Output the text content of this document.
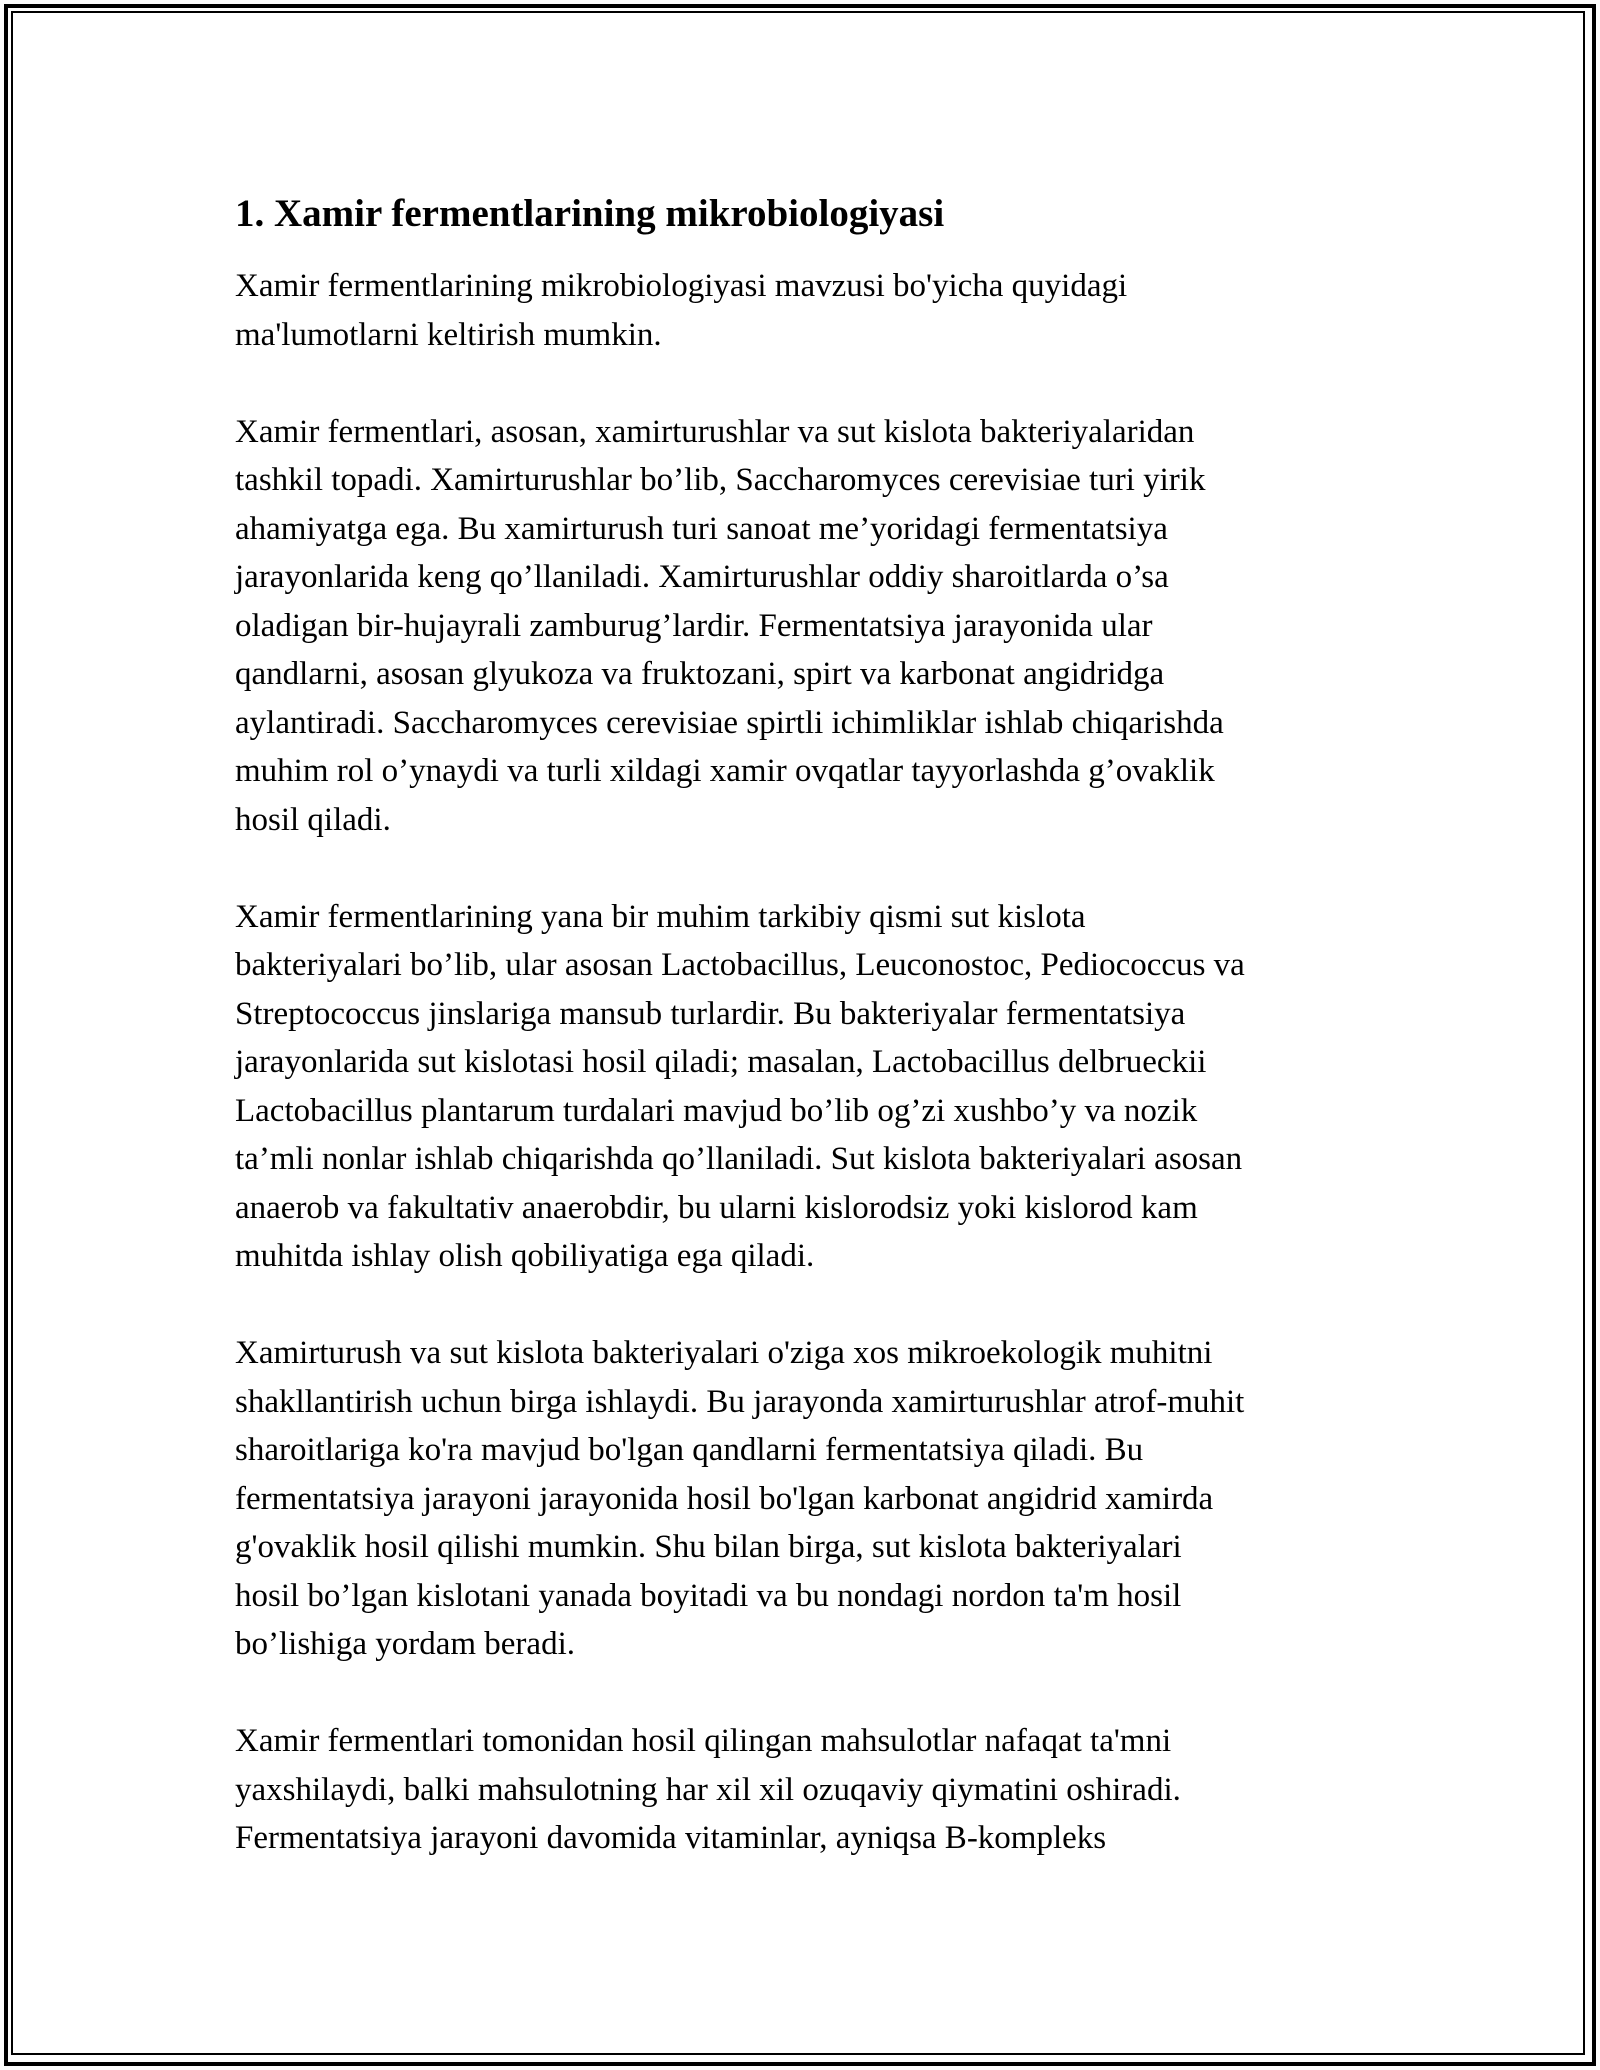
1. Xamir fermentlarining mikrobiologiyasi

Xamir fermentlarining mikrobiologiyasi mavzusi bo'yicha quyidagi
ma'lumotlarni keltirish mumkin.

Xamir fermentlari, asosan, xamirturushlar va sut kislota bakteriyalaridan
tashkil topadi. Xamirturushlar bo’lib, Saccharomyces cerevisiae turi yirik
ahamiyatga ega. Bu xamirturush turi sanoat me’yoridagi fermentatsiya
jarayonlarida keng qo’llaniladi. Xamirturushlar oddiy sharoitlarda o’sa
oladigan bir-hujayrali zamburug’lardir. Fermentatsiya jarayonida ular
qandlarni, asosan glyukoza va fruktozani, spirt va karbonat angidridga
aylantiradi. Saccharomyces cerevisiae spirtli ichimliklar ishlab chiqarishda
muhim rol o’ynaydi va turli xildagi xamir ovqatlar tayyorlashda g’ovaklik
hosil qiladi.

Xamir fermentlarining yana bir muhim tarkibiy qismi sut kislota
bakteriyalari bo’lib, ular asosan Lactobacillus, Leuconostoc, Pediococcus va
Streptococcus jinslariga mansub turlardir. Bu bakteriyalar fermentatsiya
jarayonlarida sut kislotasi hosil qiladi; masalan, Lactobacillus delbrueckii
Lactobacillus plantarum turdalari mavjud bo’lib og’zi xushbo’y va nozik
ta’mli nonlar ishlab chiqarishda qo’llaniladi. Sut kislota bakteriyalari asosan
anaerob va fakultativ anaerobdir, bu ularni kislorodsiz yoki kislorod kam
muhitda ishlay olish qobiliyatiga ega qiladi.

Xamirturush va sut kislota bakteriyalari o'ziga xos mikroekologik muhitni
shakllantirish uchun birga ishlaydi. Bu jarayonda xamirturushlar atrof-muhit
sharoitlariga ko'ra mavjud bo'lgan qandlarni fermentatsiya qiladi. Bu
fermentatsiya jarayoni jarayonida hosil bo'lgan karbonat angidrid xamirda
g'ovaklik hosil qilishi mumkin. Shu bilan birga, sut kislota bakteriyalari
hosil bo’lgan kislotani yanada boyitadi va bu nondagi nordon ta'm hosil
bo’lishiga yordam beradi.

Xamir fermentlari tomonidan hosil qilingan mahsulotlar nafaqat ta'mni
yaxshilaydi, balki mahsulotning har xil xil ozuqaviy qiymatini oshiradi.
Fermentatsiya jarayoni davomida vitaminlar, ayniqsa B-kompleks
